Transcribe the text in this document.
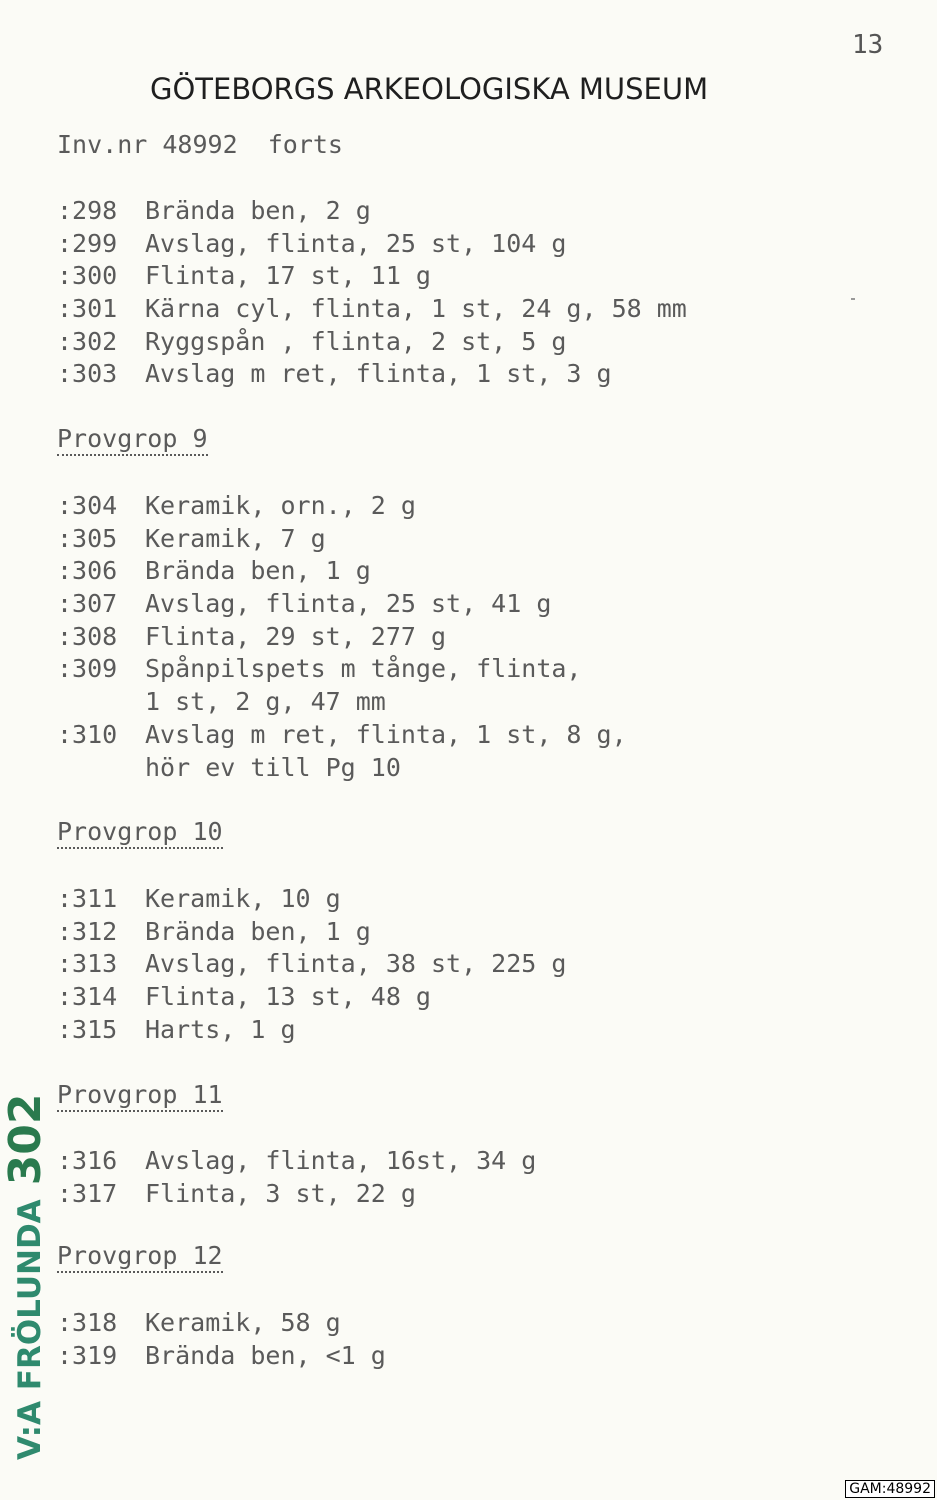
13
GÖTEBORGS ARKEOLOGISKA MUSEUM
Inv.nr 48992  forts
:298 Brända ben, 2 g
:299 Avslag, flinta, 25 st, 104 g
:300 Flinta, 17 st, 11 g
:301 Kärna cyl, flinta, 1 st, 24 g, 58 mm
:302 Ryggspån , flinta, 2 st, 5 g
:303 Avslag m ret, flinta, 1 st, 3 g
Provgrop 9
:304 Keramik, orn., 2 g
:305 Keramik, 7 g
:306 Brända ben, 1 g
:307 Avslag, flinta, 25 st, 41 g
:308 Flinta, 29 st, 277 g
:309 Spånpilspets m tånge, flinta,
1 st, 2 g, 47 mm
:310 Avslag m ret, flinta, 1 st, 8 g,
hör ev till Pg 10
Provgrop 10
:311 Keramik, 10 g
:312 Brända ben, 1 g
:313 Avslag, flinta, 38 st, 225 g
:314 Flinta, 13 st, 48 g
:315 Harts, 1 g
Provgrop 11
:316 Avslag, flinta, 16st, 34 g
:317 Flinta, 3 st, 22 g
Provgrop 12
:318 Keramik, 58 g
:319 Brända ben, <1 g
V:A FRÖLUNDA302
GAM:48992
